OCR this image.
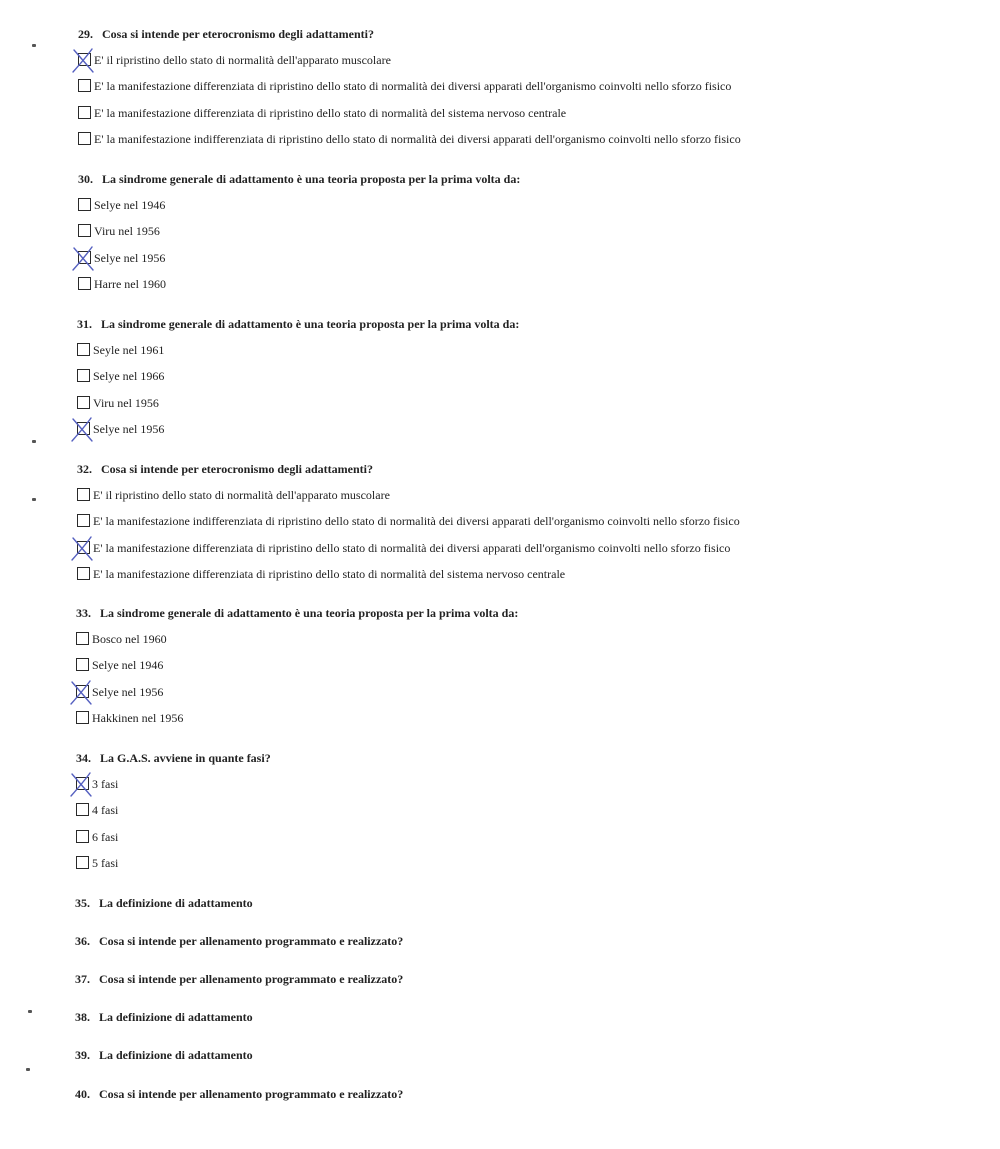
29. Cosa si intende per eterocronismo degli adattamenti?
E' il ripristino dello stato di normalità dell'apparato muscolare
E' la manifestazione differenziata di ripristino dello stato di normalità dei diversi apparati dell'organismo coinvolti nello sforzo fisico
E' la manifestazione differenziata di ripristino dello stato di normalità del sistema nervoso centrale
E' la manifestazione indifferenziata di ripristino dello stato di normalità dei diversi apparati dell'organismo coinvolti nello sforzo fisico
30. La sindrome generale di adattamento è una teoria proposta per la prima volta da:
Selye nel 1946
Viru nel 1956
Selye nel 1956
Harre nel 1960
31. La sindrome generale di adattamento è una teoria proposta per la prima volta da:
Seyle nel 1961
Selye nel 1966
Viru nel 1956
Selye nel 1956
32. Cosa si intende per eterocronismo degli adattamenti?
E' il ripristino dello stato di normalità dell'apparato muscolare
E' la manifestazione indifferenziata di ripristino dello stato di normalità dei diversi apparati dell'organismo coinvolti nello sforzo fisico
E' la manifestazione differenziata di ripristino dello stato di normalità dei diversi apparati dell'organismo coinvolti nello sforzo fisico
E' la manifestazione differenziata di ripristino dello stato di normalità del sistema nervoso centrale
33. La sindrome generale di adattamento è una teoria proposta per la prima volta da:
Bosco nel 1960
Selye nel 1946
Selye nel 1956
Hakkinen nel 1956
34. La G.A.S. avviene in quante fasi?
3 fasi
4 fasi
6 fasi
5 fasi
35. La definizione di adattamento
36. Cosa si intende per allenamento programmato e realizzato?
37. Cosa si intende per allenamento programmato e realizzato?
38. La definizione di adattamento
39. La definizione di adattamento
40. Cosa si intende per allenamento programmato e realizzato?
